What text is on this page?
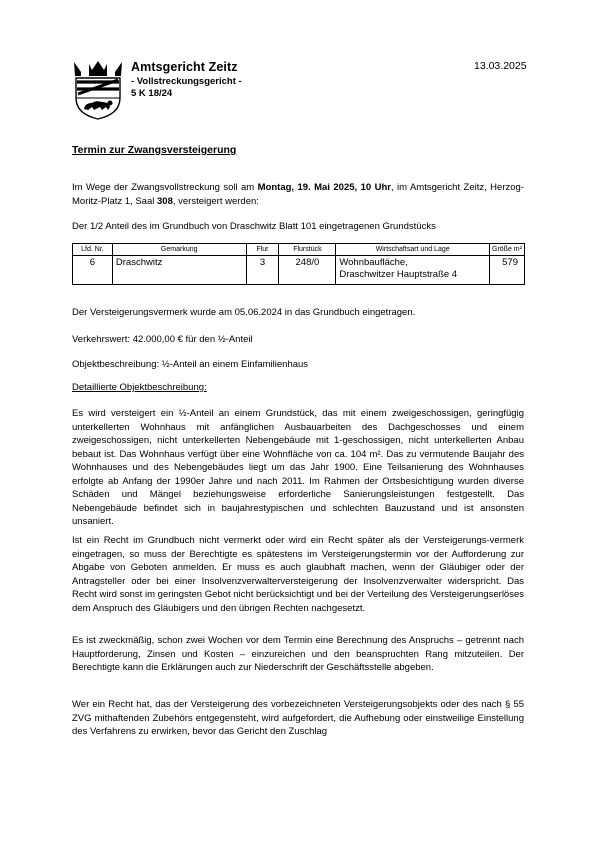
Amtsgericht Zeitz
- Vollstreckungsgericht -
5 K 18/24
13.03.2025
Termin zur Zwangsversteigerung
Im Wege der Zwangsvollstreckung soll am Montag, 19. Mai 2025, 10 Uhr, im Amtsgericht Zeitz, Herzog-Moritz-Platz 1, Saal 308, versteigert werden:
Der 1/2 Anteil des im Grundbuch von Draschwitz Blatt 101 eingetragenen Grundstücks
Lfd. Nr.	Gemarkung	Flur	Flurstück	Wirtschaftsart und Lage	Größe m²
6	Draschwitz	3	248/0	Wohnbaufläche,
Draschwitzer Hauptstraße 4	579
Der Versteigerungsvermerk wurde am 05.06.2024 in das Grundbuch eingetragen.
Verkehrswert: 42.000,00 € für den ½-Anteil
Objektbeschreibung: ½-Anteil an einem Einfamilienhaus
Detaillierte Objektbeschreibung:
Es wird versteigert ein ½-Anteil an einem Grundstück, das mit einem zweigeschossigen, geringfügig unterkellerten Wohnhaus mit anfänglichen Ausbauarbeiten des Dachgeschosses und einem zweigeschossigen, nicht unterkellerten Nebengebäude mit 1-geschossigen, nicht unterkellerten Anbau bebaut ist. Das Wohnhaus verfügt über eine Wohnfläche von ca. 104 m². Das zu vermutende Baujahr des Wohnhauses und des Nebengebäudes liegt um das Jahr 1900. Eine Teilsanierung des Wohnhauses erfolgte ab Anfang der 1990er Jahre und nach 2011. Im Rahmen der Ortsbesichtigung wurden diverse Schäden und Mängel beziehungsweise erforderliche Sanierungsleistungen festgestellt. Das Nebengebäude befindet sich in baujahrestypischen und schlechten Bauzustand und ist ansonsten unsaniert.
Ist ein Recht im Grundbuch nicht vermerkt oder wird ein Recht später als der Versteigerungs-vermerk eingetragen, so muss der Berechtigte es spätestens im Versteigerungstermin vor der Aufforderung zur Abgabe von Geboten anmelden. Er muss es auch glaubhaft machen, wenn der Gläubiger oder der Antragsteller oder bei einer Insolvenzverwalterversteigerung der Insolvenzverwalter widerspricht. Das Recht wird sonst im geringsten Gebot nicht berücksichtigt und bei der Verteilung des Versteigerungserlöses dem Anspruch des Gläubigers und den übrigen Rechten nachgesetzt.
Es ist zweckmäßig, schon zwei Wochen vor dem Termin eine Berechnung des Anspruchs – getrennt nach Hauptforderung, Zinsen und Kosten – einzureichen und den beanspruchten Rang mitzuteilen. Der Berechtigte kann die Erklärungen auch zur Niederschrift der Geschäftsstelle abgeben.
Wer ein Recht hat, das der Versteigerung des vorbezeichneten Versteigerungsobjekts oder des nach § 55 ZVG mithaftenden Zubehörs entgegensteht, wird aufgefordert, die Aufhebung oder einstweilige Einstellung des Verfahrens zu erwirken, bevor das Gericht den Zuschlag
